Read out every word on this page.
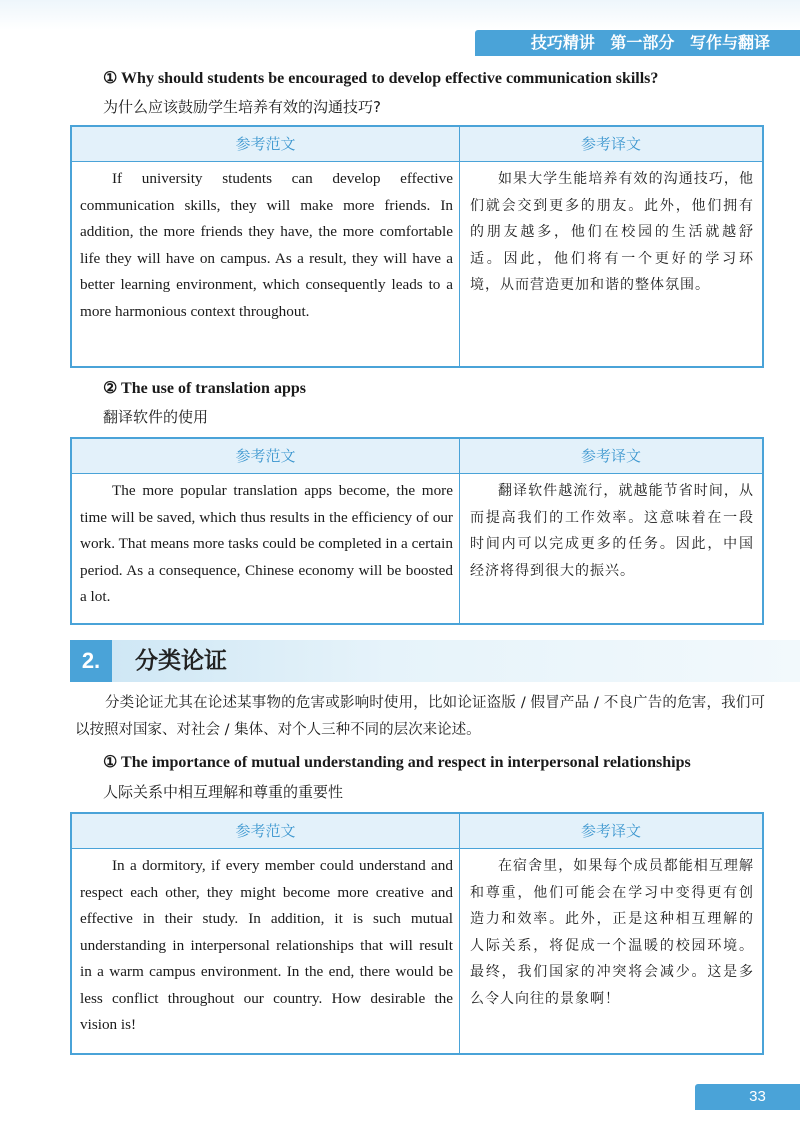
技巧精讲 第一部分 写作与翻译
① Why should students be encouraged to develop effective communication skills?
为什么应该鼓励学生培养有效的沟通技巧?
参考范文	参考译文
If university students can develop effective communication skills, they will make more friends. In addition, the more friends they have, the more comfortable life they will have on campus. As a result, they will have a better learning environment, which consequently leads to a more harmonious context throughout.
如果大学生能培养有效的沟通技巧，他们就会交到更多的朋友。此外，他们拥有的朋友越多，他们在校园的生活就越舒适。因此，他们将有一个更好的学习环境，从而营造更加和谐的整体氛围。
② The use of translation apps
翻译软件的使用
参考范文	参考译文
The more popular translation apps become, the more time will be saved, which thus results in the efficiency of our work. That means more tasks could be completed in a certain period. As a consequence, Chinese economy will be boosted a lot.
翻译软件越流行，就越能节省时间，从而提高我们的工作效率。这意味着在一段时间内可以完成更多的任务。因此，中国经济将得到很大的振兴。
2.	分类论证
分类论证尤其在论述某事物的危害或影响时使用，比如论证盗版 / 假冒产品 / 不良广告的危害，我们可以按照对国家、对社会 / 集体、对个人三种不同的层次来论述。
① The importance of mutual understanding and respect in interpersonal relationships
人际关系中相互理解和尊重的重要性
参考范文	参考译文
In a dormitory, if every member could understand and respect each other, they might become more creative and effective in their study. In addition, it is such mutual understanding in interpersonal relationships that will result in a warm campus environment. In the end, there would be less conflict throughout our country. How desirable the vision is!
在宿舍里，如果每个成员都能相互理解和尊重，他们可能会在学习中变得更有创造力和效率。此外，正是这种相互理解的人际关系，将促成一个温暖的校园环境。最终，我们国家的冲突将会减少。这是多么令人向往的景象啊！
33
